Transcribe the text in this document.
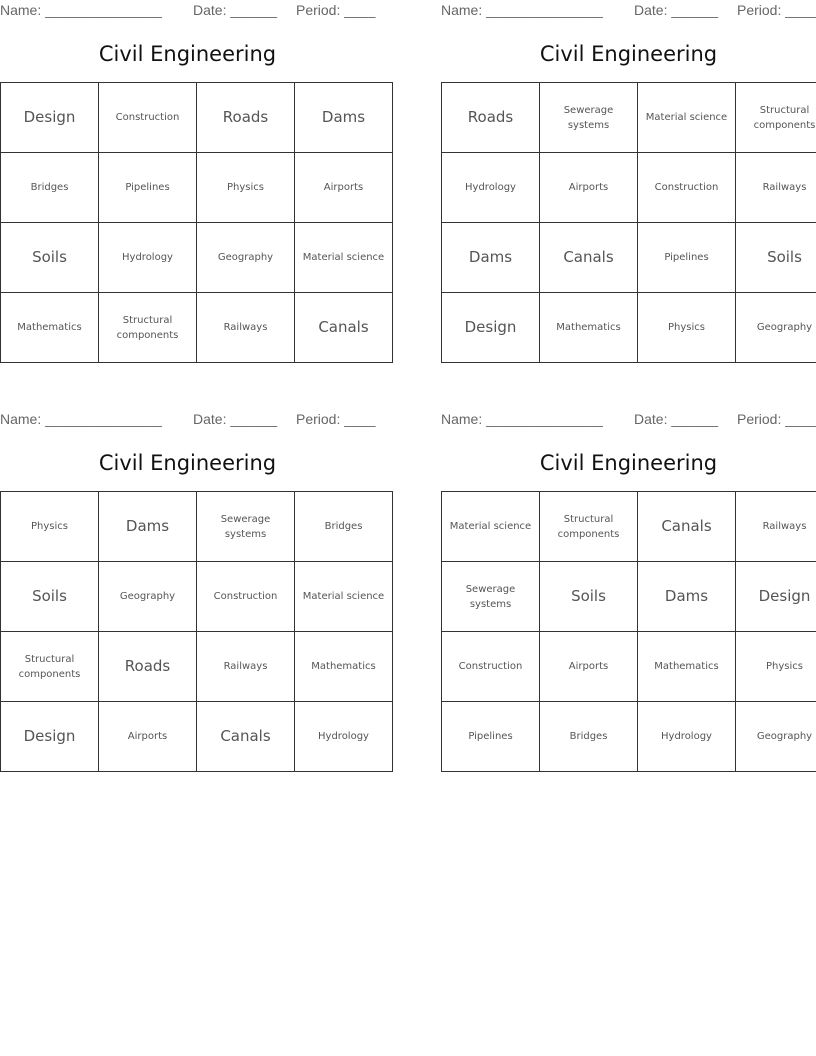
Name: _______________ Date: ______ Period: ____
Civil Engineering
Design	Construction	Roads	Dams
Bridges	Pipelines	Physics	Airports
Soils	Hydrology	Geography	Material science
Mathematics	Structural components	Railways	Canals
Name: _______________ Date: ______ Period: ____
Civil Engineering
Roads	Sewerage systems	Material science	Structural components
Hydrology	Airports	Construction	Railways
Dams	Canals	Pipelines	Soils
Design	Mathematics	Physics	Geography
Name: _______________ Date: ______ Period: ____
Civil Engineering
Physics	Dams	Sewerage systems	Bridges
Soils	Geography	Construction	Material science
Structural components	Roads	Railways	Mathematics
Design	Airports	Canals	Hydrology
Name: _______________ Date: ______ Period: ____
Civil Engineering
Material science	Structural components	Canals	Railways
Sewerage systems	Soils	Dams	Design
Construction	Airports	Mathematics	Physics
Pipelines	Bridges	Hydrology	Geography
